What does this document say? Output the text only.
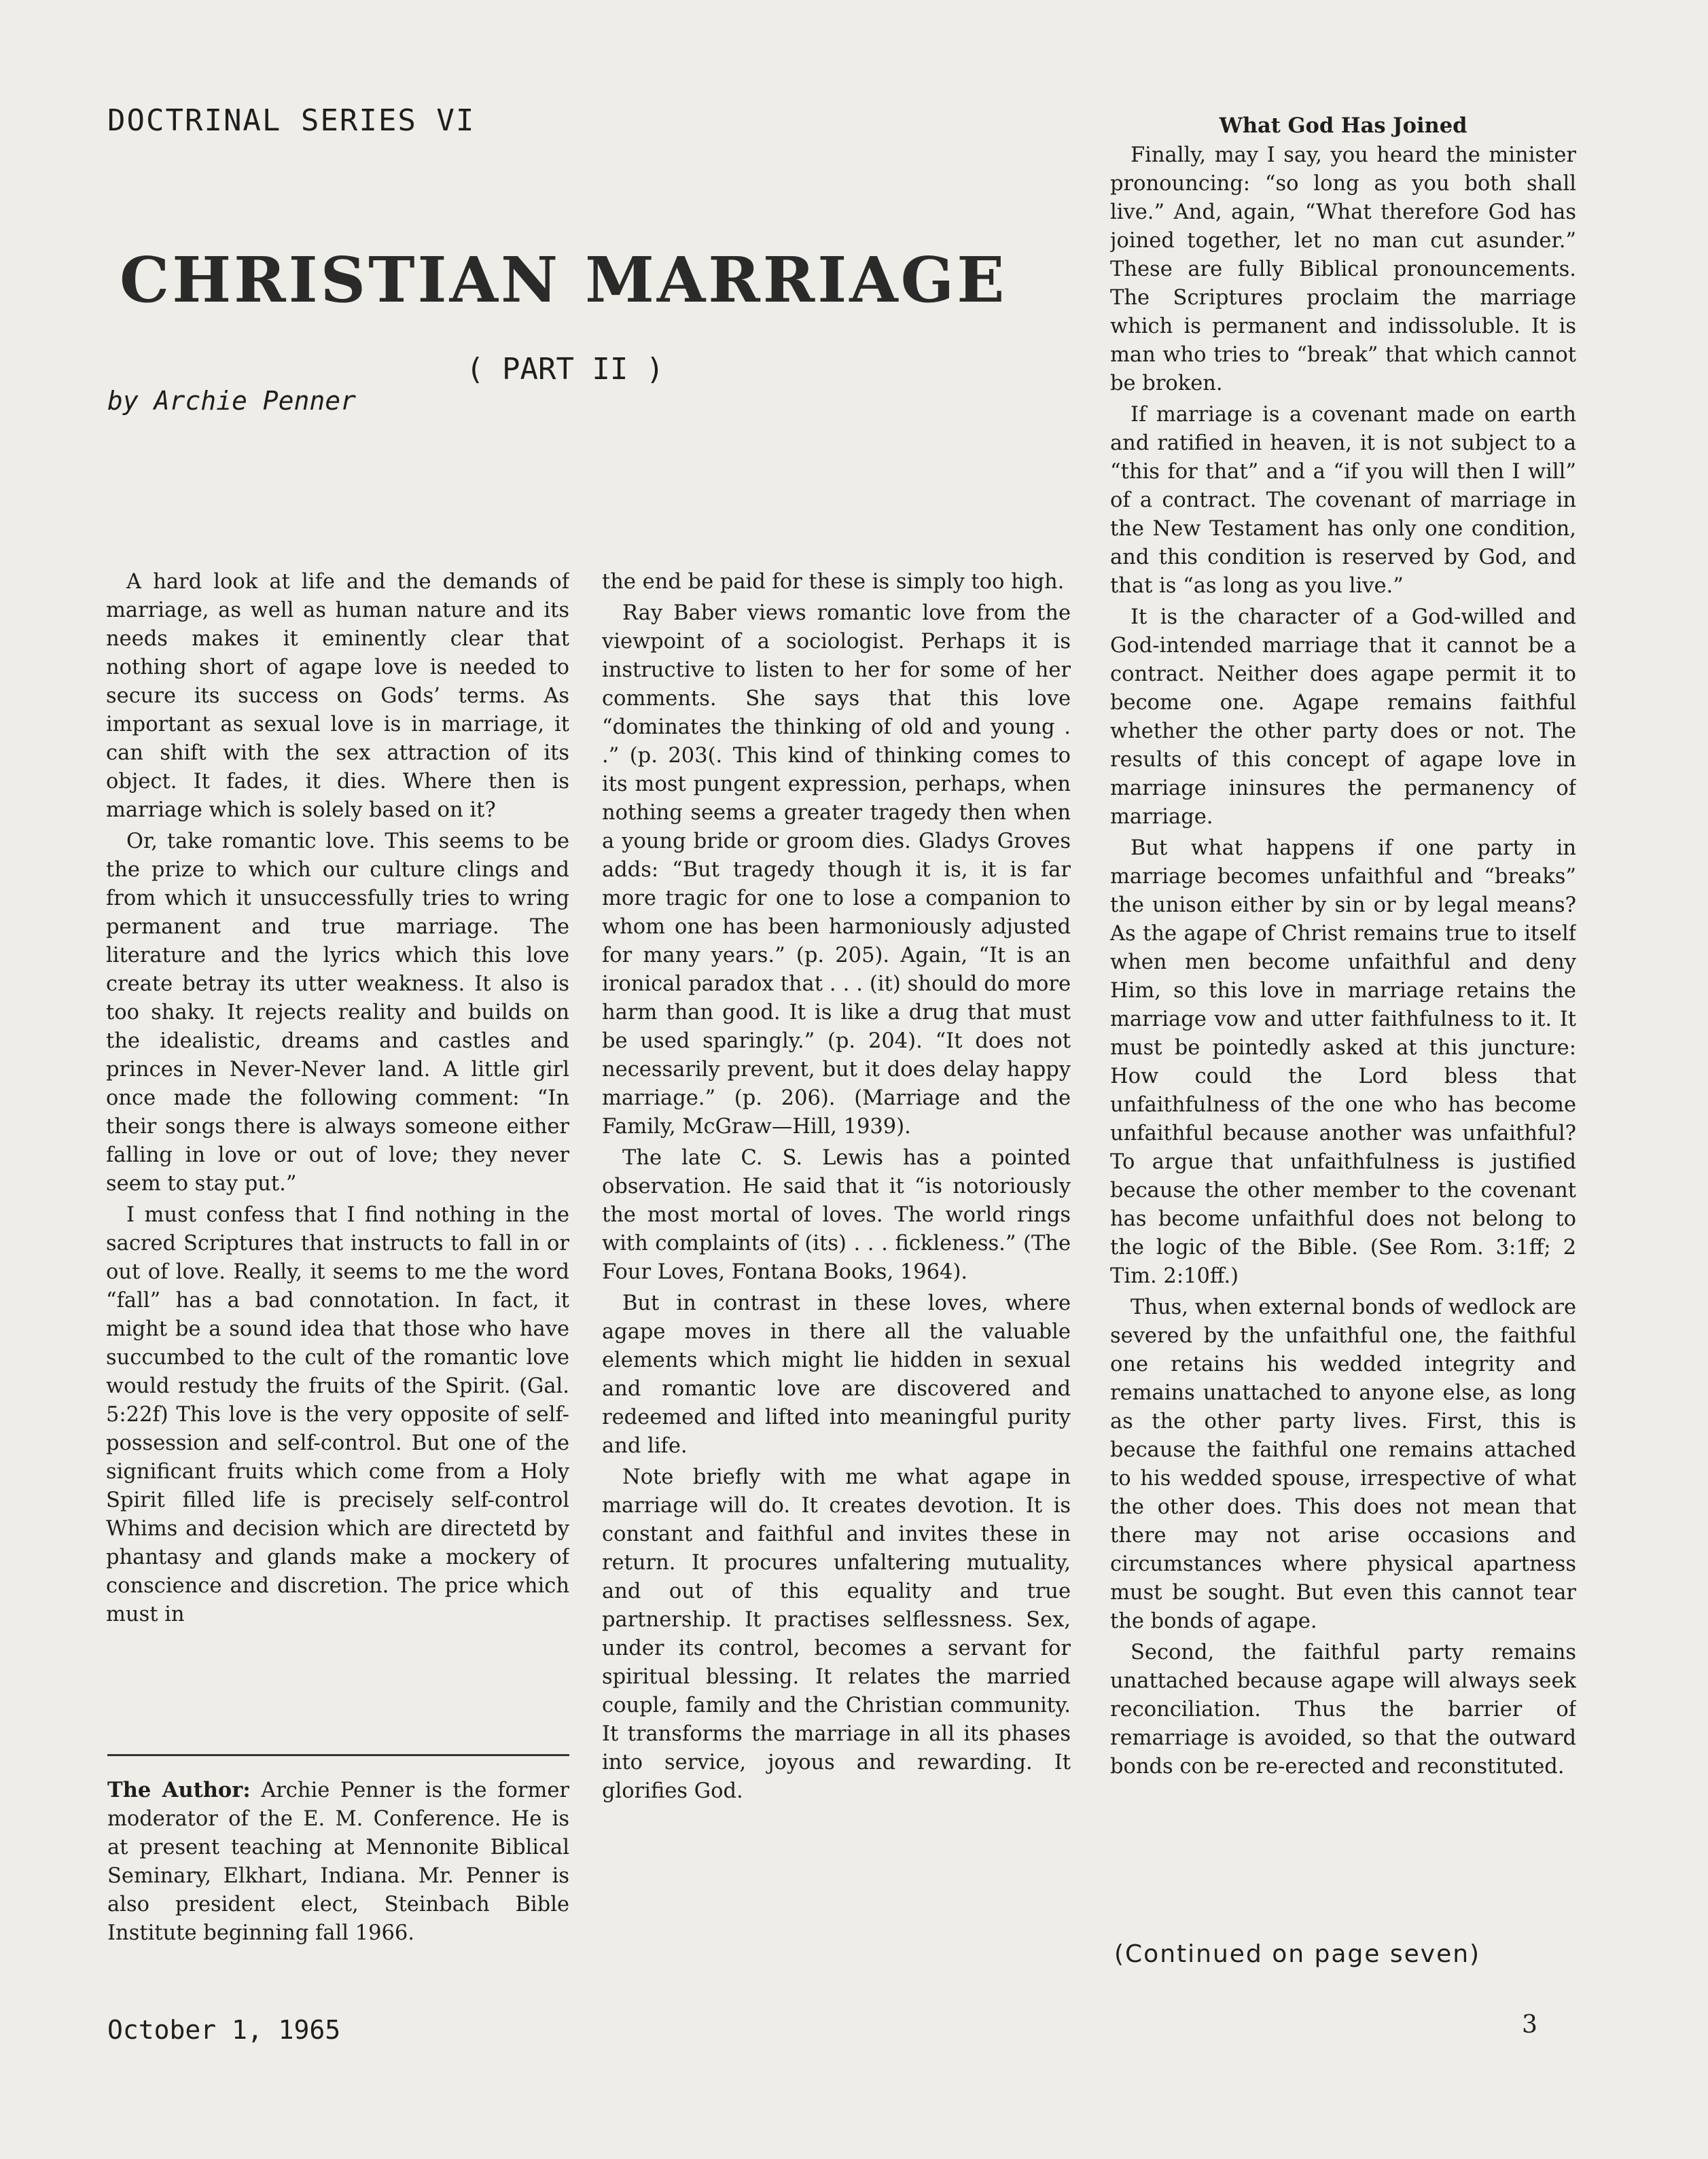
DOCTRINAL SERIES VI
CHRISTIAN MARRIAGE
( PART II )
by Archie Penner

A hard look at life and the demands of marriage, as well as human nature and its needs makes it eminently clear that nothing short of agape love is needed to secure its success on Gods’ terms. As important as sexual love is in marriage, it can shift with the sex attraction of its object. It fades, it dies. Where then is marriage which is solely based on it?

Or, take romantic love. This seems to be the prize to which our culture clings and from which it unsuccessfully tries to wring permanent and true marriage. The literature and the lyrics which this love create betray its utter weakness. It also is too shaky. It rejects reality and builds on the idealistic, dreams and castles and princes in Never-Never land. A little girl once made the following comment: “In their songs there is always someone either falling in love or out of love; they never seem to stay put.”

I must confess that I find nothing in the sacred Scriptures that instructs to fall in or out of love. Really, it seems to me the word “fall” has a bad connotation. In fact, it might be a sound idea that those who have succumbed to the cult of the romantic love would restudy the fruits of the Spirit. (Gal. 5:22f) This love is the very opposite of self-possession and self-control. But one of the significant fruits which come from a Holy Spirit filled life is precisely self-control Whims and decision which are directetd by phantasy and glands make a mockery of conscience and discretion. The price which must in

The Author: Archie Penner is the former moderator of the E. M. Conference. He is at present teaching at Mennonite Biblical Seminary, Elkhart, Indiana. Mr. Penner is also president elect, Steinbach Bible Institute beginning fall 1966.

the end be paid for these is simply too high.

Ray Baber views romantic love from the viewpoint of a sociologist. Perhaps it is instructive to listen to her for some of her comments. She says that this love “dominates the thinking of old and young . .” (p. 203(. This kind of thinking comes to its most pungent expression, perhaps, when nothing seems a greater tragedy then when a young bride or groom dies. Gladys Groves adds: “But tragedy though it is, it is far more tragic for one to lose a companion to whom one has been harmoniously adjusted for many years.” (p. 205). Again, “It is an ironical paradox that . . . (it) should do more harm than good. It is like a drug that must be used sparingly.” (p. 204). “It does not necessarily prevent, but it does delay happy marriage.” (p. 206). (Marriage and the Family, McGraw—Hill, 1939).

The late C. S. Lewis has a pointed observation. He said that it “is notoriously the most mortal of loves. The world rings with complaints of (its) . . . fickleness.” (The Four Loves, Fontana Books, 1964).

But in contrast in these loves, where agape moves in there all the valuable elements which might lie hidden in sexual and romantic love are discovered and redeemed and lifted into meaningful purity and life.

Note briefly with me what agape in marriage will do. It creates devotion. It is constant and faithful and invites these in return. It procures unfaltering mutuality, and out of this equality and true partnership. It practises selflessness. Sex, under its control, becomes a servant for spiritual blessing. It relates the married couple, family and the Christian community. It transforms the marriage in all its phases into service, joyous and rewarding. It glorifies God.

What God Has Joined

Finally, may I say, you heard the minister pronouncing: “so long as you both shall live.” And, again, “What therefore God has joined together, let no man cut asunder.” These are fully Biblical pronouncements. The Scriptures proclaim the marriage which is permanent and indissoluble. It is man who tries to “break” that which cannot be broken.

If marriage is a covenant made on earth and ratified in heaven, it is not subject to a “this for that” and a “if you will then I will” of a contract. The covenant of marriage in the New Testament has only one condition, and this condition is reserved by God, and that is “as long as you live.”

It is the character of a God-willed and God-intended marriage that it cannot be a contract. Neither does agape permit it to become one. Agape remains faithful whether the other party does or not. The results of this concept of agape love in marriage ininsures the permanency of marriage.

But what happens if one party in marriage becomes unfaithful and “breaks” the unison either by sin or by legal means? As the agape of Christ remains true to itself when men become unfaithful and deny Him, so this love in marriage retains the marriage vow and utter faithfulness to it. It must be pointedly asked at this juncture: How could the Lord bless that unfaithfulness of the one who has become unfaithful because another was unfaithful? To argue that unfaithfulness is justified because the other member to the covenant has become unfaithful does not belong to the logic of the Bible. (See Rom. 3:1ff; 2 Tim. 2:10ff.)

Thus, when external bonds of wedlock are severed by the unfaithful one, the faithful one retains his wedded integrity and remains unattached to anyone else, as long as the other party lives. First, this is because the faithful one remains attached to his wedded spouse, irrespective of what the other does. This does not mean that there may not arise occasions and circumstances where physical apartness must be sought. But even this cannot tear the bonds of agape.

Second, the faithful party remains unattached because agape will always seek reconciliation. Thus the barrier of remarriage is avoided, so that the outward bonds con be re-erected and reconstituted.

(Continued on page seven)
October 1, 1965	3
